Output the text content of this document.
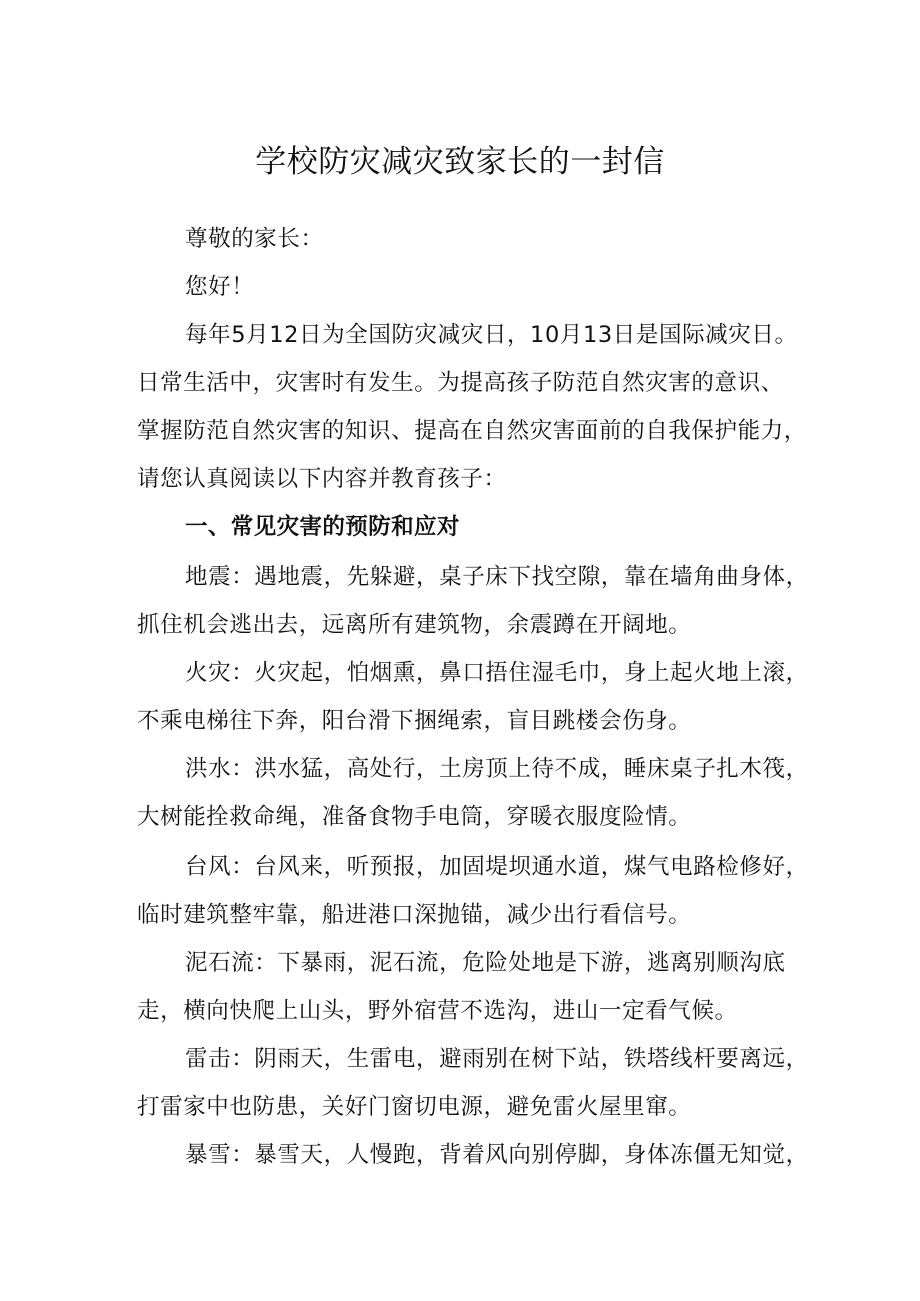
学校防灾减灾致家长的一封信
尊敬的家长：
您好！
每年5月12日为全国防灾减灾日，10月13日是国际减灾日。
日常生活中，灾害时有发生。为提高孩子防范自然灾害的意识、
掌握防范自然灾害的知识、提高在自然灾害面前的自我保护能力，
请您认真阅读以下内容并教育孩子：
一、常见灾害的预防和应对
地震：遇地震，先躲避，桌子床下找空隙，靠在墙角曲身体，
抓住机会逃出去，远离所有建筑物，余震蹲在开阔地。
火灾：火灾起，怕烟熏，鼻口捂住湿毛巾，身上起火地上滚，
不乘电梯往下奔，阳台滑下捆绳索，盲目跳楼会伤身。
洪水：洪水猛，高处行，土房顶上待不成，睡床桌子扎木筏，
大树能拴救命绳，准备食物手电筒，穿暖衣服度险情。
台风：台风来，听预报，加固堤坝通水道，煤气电路检修好，
临时建筑整牢靠，船进港口深抛锚，减少出行看信号。
泥石流：下暴雨，泥石流，危险处地是下游，逃离别顺沟底
走，横向快爬上山头，野外宿营不选沟，进山一定看气候。
雷击：阴雨天，生雷电，避雨别在树下站，铁塔线杆要离远，
打雷家中也防患，关好门窗切电源，避免雷火屋里窜。
暴雪：暴雪天，人慢跑，背着风向别停脚，身体冻僵无知觉，
